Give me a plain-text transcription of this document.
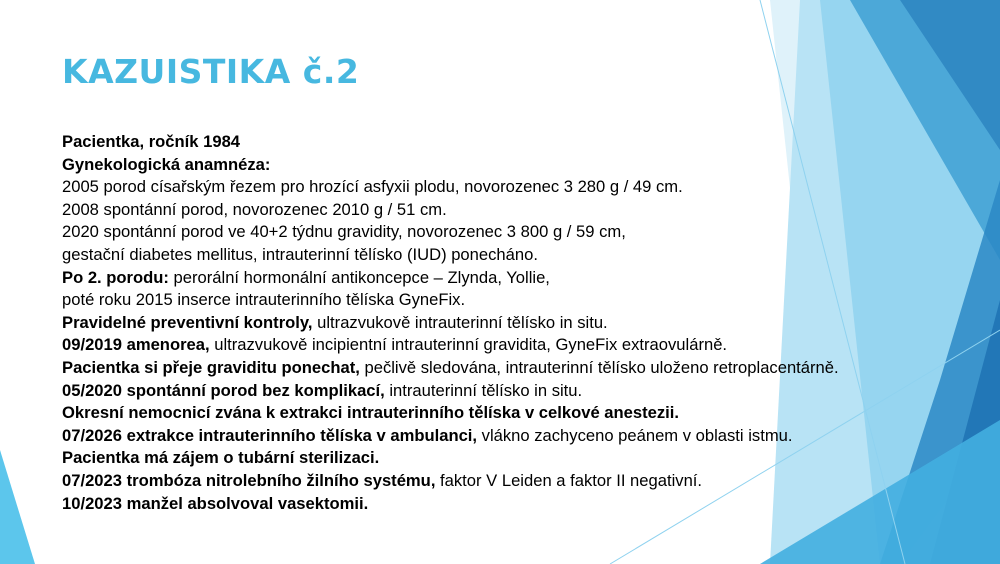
KAZUISTIKA č.2
Pacientka, ročník 1984
Gynekologická anamnéza:
2005 porod císařským řezem pro hrozící asfyxii plodu, novorozenec 3 280 g / 49 cm.
2008 spontánní porod, novorozenec 2010 g / 51 cm.
2020 spontánní porod ve 40+2 týdnu gravidity, novorozenec 3 800 g / 59 cm,
gestační diabetes mellitus, intrauterinní tělísko (IUD) ponecháno.
Po 2. porodu: perorální hormonální antikoncepce – Zlynda, Yollie,
poté roku 2015 inserce intrauterinního tělíska GyneFix.
Pravidelné preventivní kontroly, ultrazvukově intrauterinní tělísko in situ.
09/2019 amenorea, ultrazvukově incipientní intrauterinní gravidita, GyneFix extraovulárně.
Pacientka si přeje graviditu ponechat, pečlivě sledována, intrauterinní tělísko uloženo retroplacentárně.
05/2020 spontánní porod bez komplikací, intrauterinní tělísko in situ.
Okresní nemocnicí zvána k extrakci intrauterinního tělíska v celkové anestezii.
07/2026 extrakce intrauterinního tělíska v ambulanci, vlákno zachyceno peánem v oblasti istmu.
Pacientka má zájem o tubární sterilizaci.
07/2023 trombóza nitrolebního žilního systému, faktor V Leiden a faktor II negativní.
10/2023 manžel absolvoval vasektomii.
